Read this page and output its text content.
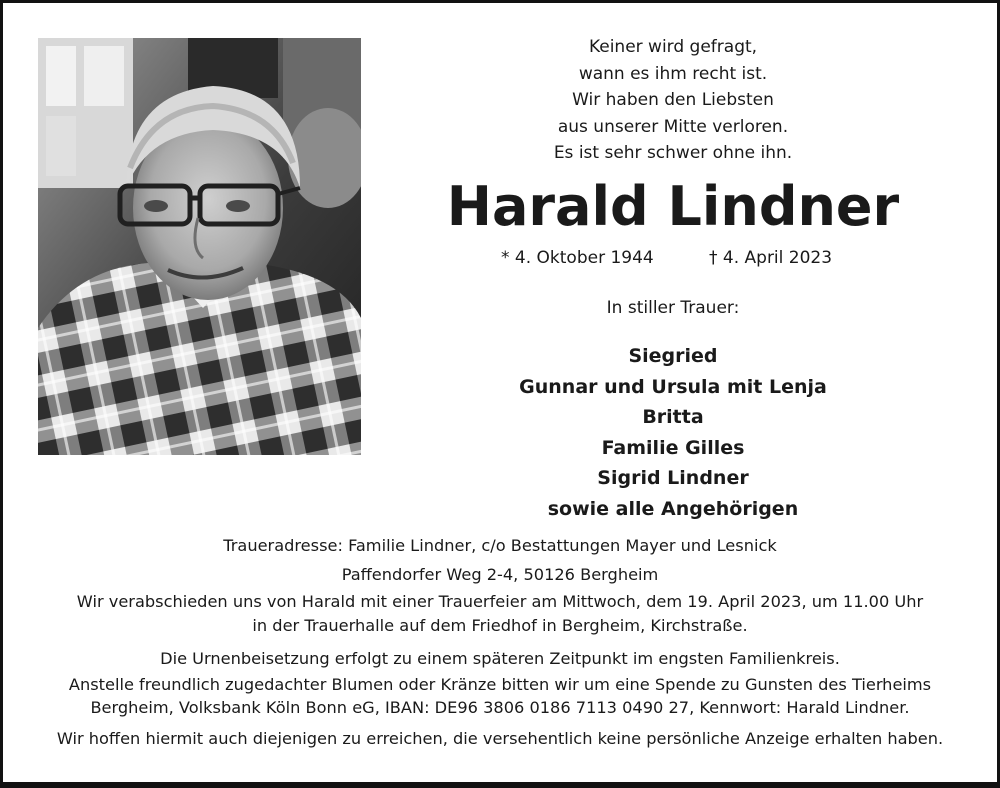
Keiner wird gefragt,
wann es ihm recht ist.
Wir haben den Liebsten
aus unserer Mitte verloren.
Es ist sehr schwer ohne ihn.
Harald Lindner
* 4. Oktober 1944	† 4. April 2023
In stiller Trauer:
Siegried
Gunnar und Ursula mit Lenja
Britta
Familie Gilles
Sigrid Lindner
sowie alle Angehörigen
Traueradresse: Familie Lindner, c/o Bestattungen Mayer und Lesnick
Paffendorfer Weg 2-4, 50126 Bergheim
Wir verabschieden uns von Harald mit einer Trauerfeier am Mittwoch, dem 19. April 2023, um 11.00 Uhr
in der Trauerhalle auf dem Friedhof in Bergheim, Kirchstraße.
Die Urnenbeisetzung erfolgt zu einem späteren Zeitpunkt im engsten Familienkreis.
Anstelle freundlich zugedachter Blumen oder Kränze bitten wir um eine Spende zu Gunsten des Tierheims
Bergheim, Volksbank Köln Bonn eG, IBAN: DE96 3806 0186 7113 0490 27, Kennwort: Harald Lindner.
Wir hoffen hiermit auch diejenigen zu erreichen, die versehentlich keine persönliche Anzeige erhalten haben.
